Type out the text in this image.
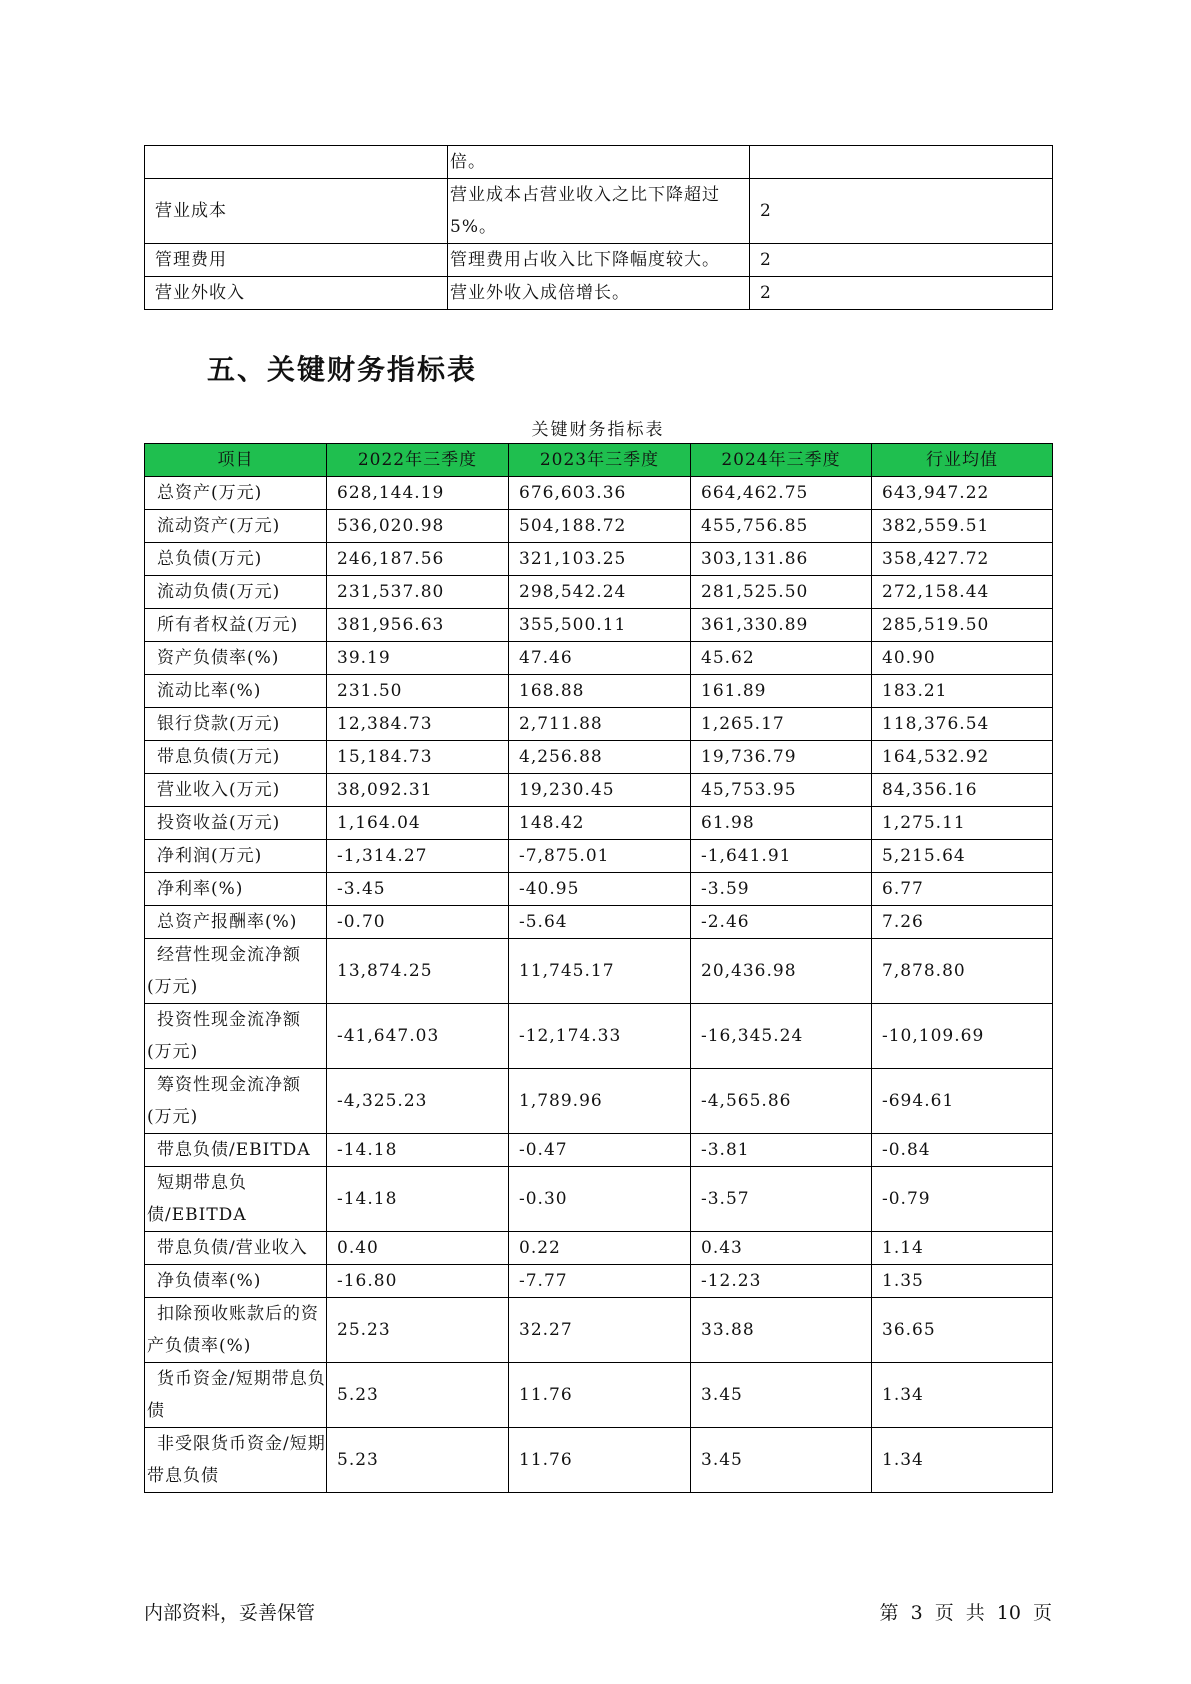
	倍。	
营业成本	营业成本占营业收入之比下降超过5%。	2
管理费用	管理费用占收入比下降幅度较大。	2
营业外收入	营业外收入成倍增长。	2
五、关键财务指标表
关键财务指标表
项目	2022年三季度	2023年三季度	2024年三季度	行业均值
总资产(万元)	628,144.19	676,603.36	664,462.75	643,947.22
流动资产(万元)	536,020.98	504,188.72	455,756.85	382,559.51
总负债(万元)	246,187.56	321,103.25	303,131.86	358,427.72
流动负债(万元)	231,537.80	298,542.24	281,525.50	272,158.44
所有者权益(万元)	381,956.63	355,500.11	361,330.89	285,519.50
资产负债率(%)	39.19	47.46	45.62	40.90
流动比率(%)	231.50	168.88	161.89	183.21
银行贷款(万元)	12,384.73	2,711.88	1,265.17	118,376.54
带息负债(万元)	15,184.73	4,256.88	19,736.79	164,532.92
营业收入(万元)	38,092.31	19,230.45	45,753.95	84,356.16
投资收益(万元)	1,164.04	148.42	61.98	1,275.11
净利润(万元)	-1,314.27	-7,875.01	-1,641.91	5,215.64
净利率(%)	-3.45	-40.95	-3.59	6.77
总资产报酬率(%)	-0.70	-5.64	-2.46	7.26
经营性现金流净额(万元)	13,874.25	11,745.17	20,436.98	7,878.80
投资性现金流净额(万元)	-41,647.03	-12,174.33	-16,345.24	-10,109.69
筹资性现金流净额(万元)	-4,325.23	1,789.96	-4,565.86	-694.61
带息负债/EBITDA	-14.18	-0.47	-3.81	-0.84
短期带息负债/EBITDA	-14.18	-0.30	-3.57	-0.79
带息负债/营业收入	0.40	0.22	0.43	1.14
净负债率(%)	-16.80	-7.77	-12.23	1.35
扣除预收账款后的资产负债率(%)	25.23	32.27	33.88	36.65
货币资金/短期带息负债	5.23	11.76	3.45	1.34
非受限货币资金/短期带息负债	5.23	11.76	3.45	1.34
内部资料，妥善保管	第 3 页 共 10 页
